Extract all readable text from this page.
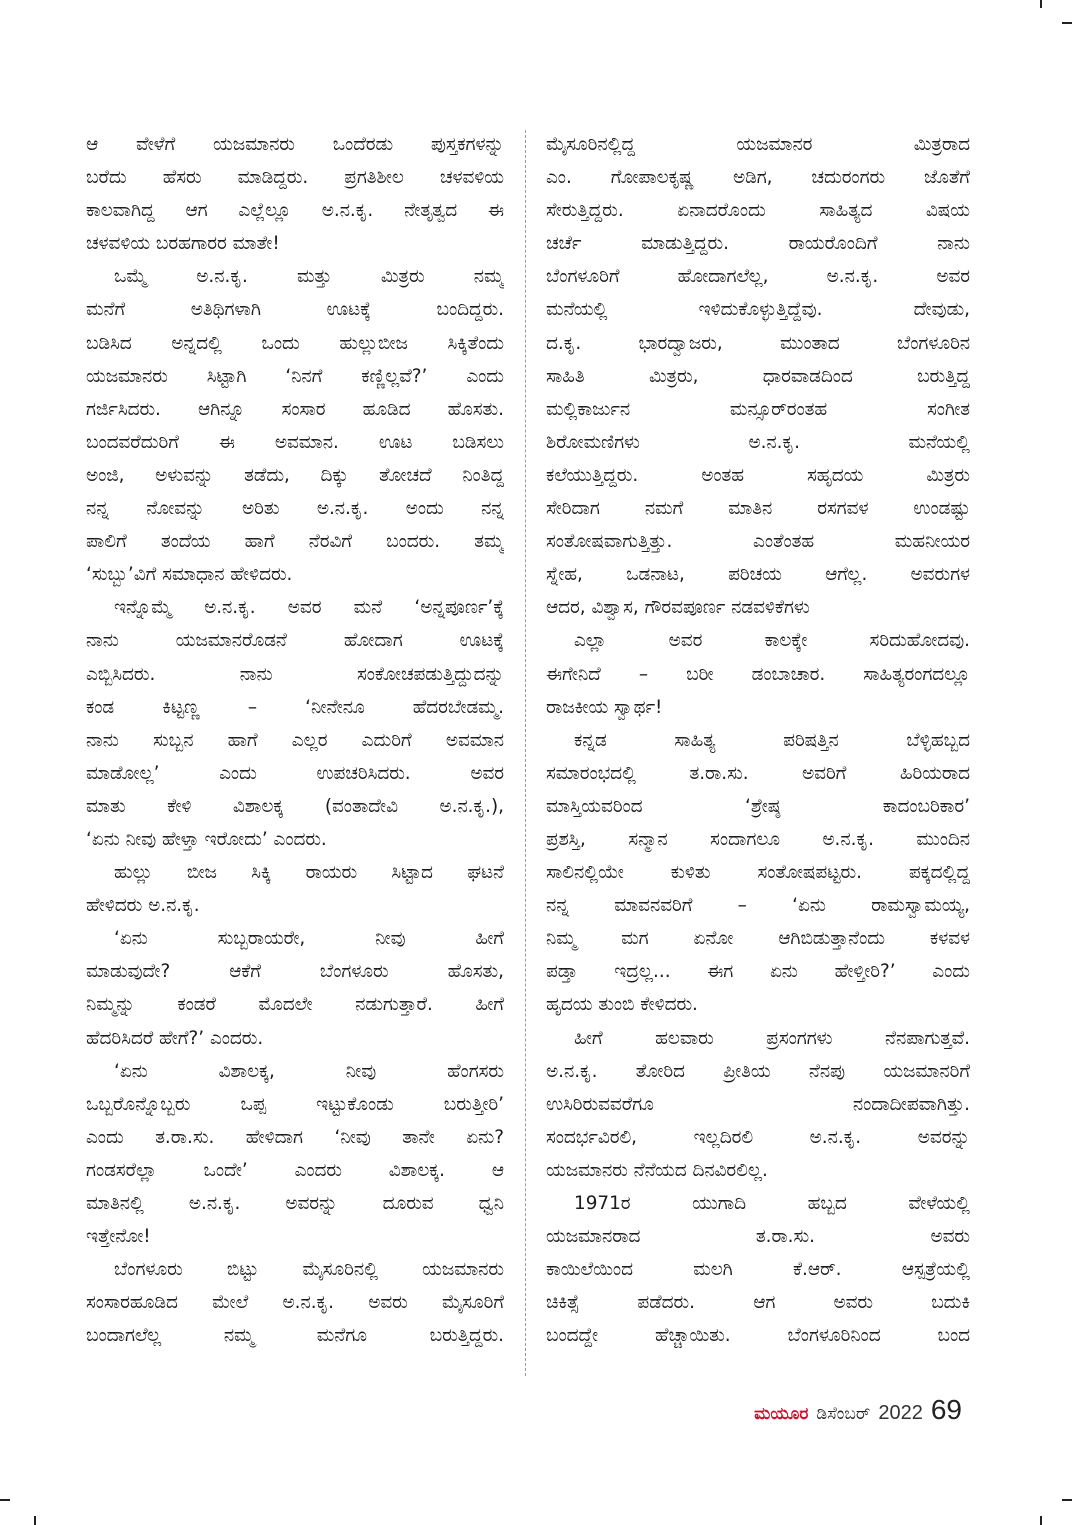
ಆ ವೇಳೆಗೆ ಯಜಮಾನರು ಒಂದೆರಡು ಪುಸ್ತಕಗಳನ್ನು
ಬರೆದು ಹೆಸರು ಮಾಡಿದ್ದರು. ಪ್ರಗತಿಶೀಲ ಚಳವಳಿಯ
ಕಾಲವಾಗಿದ್ದ ಆಗ ಎಲ್ಲೆಲ್ಲೂ ಅ.ನ.ಕೃ. ನೇತೃತ್ವದ ಈ
ಚಳವಳಿಯ ಬರಹಗಾರರ ಮಾತೇ!
ಒಮ್ಮೆ ಅ.ನ.ಕೃ. ಮತ್ತು ಮಿತ್ರರು ನಮ್ಮ
ಮನೆಗೆ ಅತಿಥಿಗಳಾಗಿ ಊಟಕ್ಕೆ ಬಂದಿದ್ದರು.
ಬಡಿಸಿದ ಅನ್ನದಲ್ಲಿ ಒಂದು ಹುಲ್ಲುಬೀಜ ಸಿಕ್ಕಿತೆಂದು
ಯಜಮಾನರು ಸಿಟ್ಟಾಗಿ ‘ನಿನಗೆ ಕಣ್ಣಿಲ್ಲವೆ?’ ಎಂದು
ಗರ್ಜಿಸಿದರು. ಆಗಿನ್ನೂ ಸಂಸಾರ ಹೂಡಿದ ಹೊಸತು.
ಬಂದವರೆದುರಿಗೆ ಈ ಅವಮಾನ. ಊಟ ಬಡಿಸಲು
ಅಂಜಿ, ಅಳುವನ್ನು ತಡೆದು, ದಿಕ್ಕು ತೋಚದೆ ನಿಂತಿದ್ದ
ನನ್ನ ನೋವನ್ನು ಅರಿತು ಅ.ನ.ಕೃ. ಅಂದು ನನ್ನ
ಪಾಲಿಗೆ ತಂದೆಯ ಹಾಗೆ ನೆರವಿಗೆ ಬಂದರು. ತಮ್ಮ
‘ಸುಬ್ಬು’ವಿಗೆ ಸಮಾಧಾನ ಹೇಳಿದರು.
ಇನ್ನೊಮ್ಮೆ ಅ.ನ.ಕೃ. ಅವರ ಮನೆ ‘ಅನ್ನಪೂರ್ಣ’ಕ್ಕೆ
ನಾನು ಯಜಮಾನರೊಡನೆ ಹೋದಾಗ ಊಟಕ್ಕೆ
ಎಬ್ಬಿಸಿದರು. ನಾನು ಸಂಕೋಚಪಡುತ್ತಿದ್ದುದನ್ನು
ಕಂಡ ಕಿಟ್ಟಣ್ಣ – ‘ನೀನೇನೂ ಹೆದರಬೇಡಮ್ಮ.
ನಾನು ಸುಬ್ಬನ ಹಾಗೆ ಎಲ್ಲರ ಎದುರಿಗೆ ಅವಮಾನ
ಮಾಡೋಲ್ಲ’ ಎಂದು ಉಪಚರಿಸಿದರು. ಅವರ
ಮಾತು ಕೇಳಿ ವಿಶಾಲಕ್ಕ (ವಂತಾದೇವಿ ಅ.ನ.ಕೃ.),
‘ಏನು ನೀವು ಹೇಳ್ತಾ ಇರೋದು’ ಎಂದರು.
ಹುಲ್ಲು ಬೀಜ ಸಿಕ್ಕಿ ರಾಯರು ಸಿಟ್ಟಾದ ಘಟನೆ
ಹೇಳಿದರು ಅ.ನ.ಕೃ.
‘ಏನು ಸುಬ್ಬರಾಯರೇ, ನೀವು ಹೀಗೆ
ಮಾಡುವುದೇ? ಆಕೆಗೆ ಬೆಂಗಳೂರು ಹೊಸತು,
ನಿಮ್ಮನ್ನು ಕಂಡರೆ ಮೊದಲೇ ನಡುಗುತ್ತಾರೆ. ಹೀಗೆ
ಹೆದರಿಸಿದರೆ ಹೇಗೆ?’ ಎಂದರು.
‘ಏನು ವಿಶಾಲಕ್ಕ, ನೀವು ಹೆಂಗಸರು
ಒಬ್ಬರೊನ್ನೊಬ್ಬರು ಒಪ್ಪ ಇಟ್ಟುಕೊಂಡು ಬರುತ್ತೀರಿ’
ಎಂದು ತ.ರಾ.ಸು. ಹೇಳಿದಾಗ ‘ನೀವು ತಾನೇ ಏನು?
ಗಂಡಸರೆಲ್ಲಾ ಒಂದೇ’ ಎಂದರು ವಿಶಾಲಕ್ಕ. ಆ
ಮಾತಿನಲ್ಲಿ ಅ.ನ.ಕೃ. ಅವರನ್ನು ದೂರುವ ಧ್ವನಿ
ಇತ್ತೇನೋ!
ಬೆಂಗಳೂರು ಬಿಟ್ಟು ಮೈಸೂರಿನಲ್ಲಿ ಯಜಮಾನರು
ಸಂಸಾರಹೂಡಿದ ಮೇಲೆ ಅ.ನ.ಕೃ. ಅವರು ಮೈಸೂರಿಗೆ
ಬಂದಾಗಲೆಲ್ಲ ನಮ್ಮ ಮನೆಗೂ ಬರುತ್ತಿದ್ದರು.
ಮೈಸೂರಿನಲ್ಲಿದ್ದ ಯಜಮಾನರ ಮಿತ್ರರಾದ
ಎಂ. ಗೋಪಾಲಕೃಷ್ಣ ಅಡಿಗ, ಚದುರಂಗರು ಜೊತೆಗೆ
ಸೇರುತ್ತಿದ್ದರು. ಏನಾದರೊಂದು ಸಾಹಿತ್ಯದ ವಿಷಯ
ಚರ್ಚೆ ಮಾಡುತ್ತಿದ್ದರು. ರಾಯರೊಂದಿಗೆ ನಾನು
ಬೆಂಗಳೂರಿಗೆ ಹೋದಾಗಲೆಲ್ಲ, ಅ.ನ.ಕೃ. ಅವರ
ಮನೆಯಲ್ಲಿ ಇಳಿದುಕೊಳ್ಳುತ್ತಿದ್ದೆವು. ದೇವುಡು,
ದ.ಕೃ. ಭಾರದ್ವಾಜರು, ಮುಂತಾದ ಬೆಂಗಳೂರಿನ
ಸಾಹಿತಿ ಮಿತ್ರರು, ಧಾರವಾಡದಿಂದ ಬರುತ್ತಿದ್ದ
ಮಲ್ಲಿಕಾರ್ಜುನ ಮನ್ಸೂರ್‌ರಂತಹ ಸಂಗೀತ
ಶಿರೋಮಣಿಗಳು ಅ.ನ.ಕೃ. ಮನೆಯಲ್ಲಿ
ಕಲೆಯುತ್ತಿದ್ದರು. ಅಂತಹ ಸಹೃದಯ ಮಿತ್ರರು
ಸೇರಿದಾಗ ನಮಗೆ ಮಾತಿನ ರಸಗವಳ ಉಂಡಷ್ಟು
ಸಂತೋಷವಾಗುತ್ತಿತ್ತು. ಎಂತೆಂತಹ ಮಹನೀಯರ
ಸ್ನೇಹ, ಒಡನಾಟ, ಪರಿಚಯ ಆಗೆಲ್ಲ. ಅವರುಗಳ
ಆದರ, ವಿಶ್ವಾಸ, ಗೌರವಪೂರ್ಣ ನಡವಳಿಕೆಗಳು
ಎಲ್ಲಾ ಅವರ ಕಾಲಕ್ಕೇ ಸರಿದುಹೋದವು.
ಈಗೇನಿದೆ – ಬರೀ ಡಂಬಾಚಾರ. ಸಾಹಿತ್ಯರಂಗದಲ್ಲೂ
ರಾಜಕೀಯ ಸ್ವಾರ್ಥ!
ಕನ್ನಡ ಸಾಹಿತ್ಯ ಪರಿಷತ್ತಿನ ಬೆಳ್ಳಿಹಬ್ಬದ
ಸಮಾರಂಭದಲ್ಲಿ ತ.ರಾ.ಸು. ಅವರಿಗೆ ಹಿರಿಯರಾದ
ಮಾಸ್ತಿಯವರಿಂದ ‘ಶ್ರೇಷ್ಠ ಕಾದಂಬರಿಕಾರ’
ಪ್ರಶಸ್ತಿ, ಸನ್ಮಾನ ಸಂದಾಗಲೂ ಅ.ನ.ಕೃ. ಮುಂದಿನ
ಸಾಲಿನಲ್ಲಿಯೇ ಕುಳಿತು ಸಂತೋಷಪಟ್ಟರು. ಪಕ್ಕದಲ್ಲಿದ್ದ
ನನ್ನ ಮಾವನವರಿಗೆ – ‘ಏನು ರಾಮಸ್ವಾಮಯ್ಯ,
ನಿಮ್ಮ ಮಗ ಏನೋ ಆಗಿಬಿಡುತ್ತಾನೆಂದು ಕಳವಳ
ಪಡ್ತಾ ಇದ್ರಲ್ಲ... ಈಗ ಏನು ಹೇಳ್ತೀರಿ?’ ಎಂದು
ಹೃದಯ ತುಂಬಿ ಕೇಳಿದರು.
ಹೀಗೆ ಹಲವಾರು ಪ್ರಸಂಗಗಳು ನೆನಪಾಗುತ್ತವೆ.
ಅ.ನ.ಕೃ. ತೋರಿದ ಪ್ರೀತಿಯ ನೆನಪು ಯಜಮಾನರಿಗೆ
ಉಸಿರಿರುವವರೆಗೂ ನಂದಾದೀಪವಾಗಿತ್ತು.
ಸಂದರ್ಭವಿರಲಿ, ಇಲ್ಲದಿರಲಿ ಅ.ನ.ಕೃ. ಅವರನ್ನು
ಯಜಮಾನರು ನೆನೆಯದ ದಿನವಿರಲಿಲ್ಲ.
1971ರ ಯುಗಾದಿ ಹಬ್ಬದ ವೇಳೆಯಲ್ಲಿ
ಯಜಮಾನರಾದ ತ.ರಾ.ಸು. ಅವರು
ಕಾಯಿಲೆಯಿಂದ ಮಲಗಿ ಕೆ.ಆರ್. ಆಸ್ಪತ್ರೆಯಲ್ಲಿ
ಚಿಕಿತ್ಸೆ ಪಡೆದರು. ಆಗ ಅವರು ಬದುಕಿ
ಬಂದದ್ದೇ ಹೆಚ್ಚಾಯಿತು. ಬೆಂಗಳೂರಿನಿಂದ ಬಂದ
ಮಯೂರ ಡಿಸೆಂಬರ್ 2022 69
